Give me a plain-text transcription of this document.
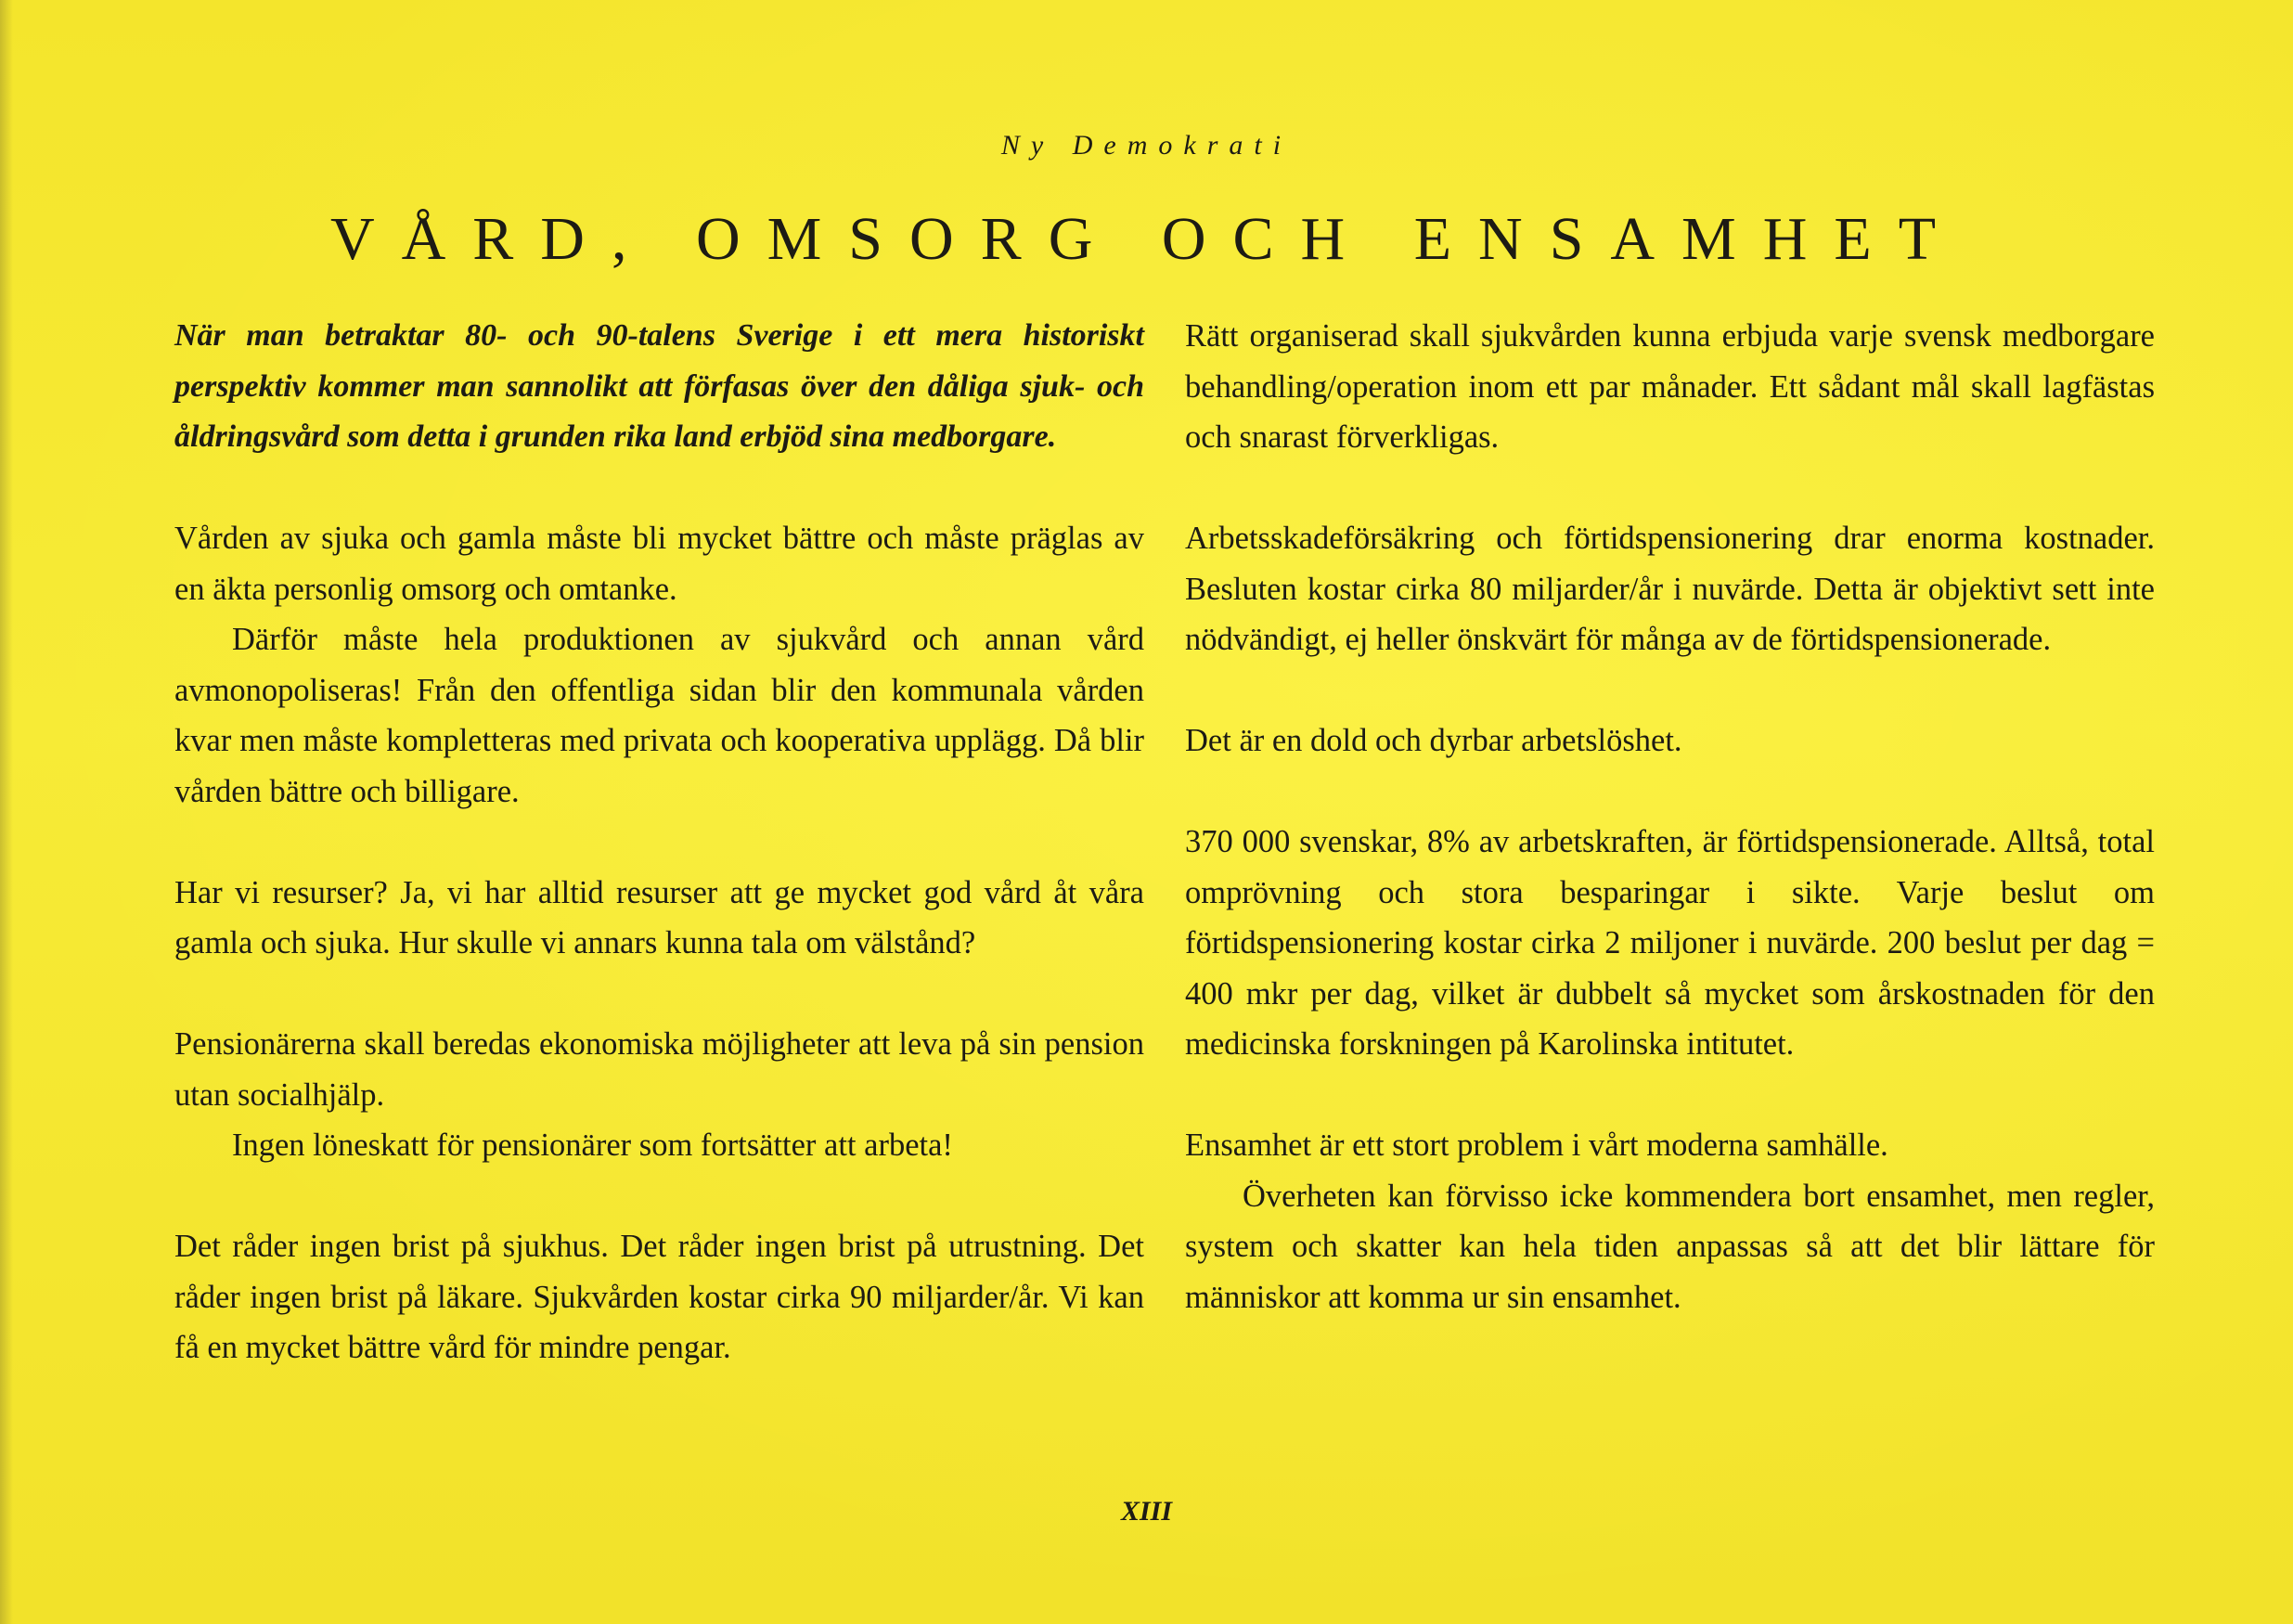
Ny Demokrati
VÅRD, OMSORG OCH ENSAMHET

När man betraktar 80- och 90-talens Sverige i ett mera historiskt perspektiv kommer man sannolikt att förfasas över den dåliga sjuk- och åldringsvård som detta i grunden rika land erbjöd sina medborgare.

Vården av sjuka och gamla måste bli mycket bättre och måste präglas av en äkta personlig omsorg och omtanke.

Därför måste hela produktionen av sjukvård och annan vård avmonopoliseras! Från den offentliga sidan blir den kommunala vården kvar men måste kompletteras med privata och kooperativa upplägg. Då blir vården bättre och billigare.

Har vi resurser? Ja, vi har alltid resurser att ge mycket god vård åt våra gamla och sjuka. Hur skulle vi annars kunna tala om välstånd?

Pensionärerna skall beredas ekonomiska möjligheter att leva på sin pension utan socialhjälp.

Ingen löneskatt för pensionärer som fortsätter att arbeta!

Det råder ingen brist på sjukhus. Det råder ingen brist på utrustning. Det råder ingen brist på läkare. Sjukvården kostar cirka 90 miljarder/år. Vi kan få en mycket bättre vård för mindre pengar.

Rätt organiserad skall sjukvården kunna erbjuda varje svensk medborgare behandling/operation inom ett par månader. Ett sådant mål skall lagfästas och snarast förverkligas.

Arbetsskadeförsäkring och förtidspensionering drar enorma kostnader. Besluten kostar cirka 80 miljarder/år i nuvärde. Detta är objektivt sett inte nödvändigt, ej heller önskvärt för många av de förtidspensionerade.

Det är en dold och dyrbar arbetslöshet.

370 000 svenskar, 8% av arbetskraften, är förtidspensionerade. Alltså, total omprövning och stora besparingar i sikte. Varje beslut om förtidspensionering kostar cirka 2 miljoner i nuvärde. 200 beslut per dag = 400 mkr per dag, vilket är dubbelt så mycket som årskostnaden för den medicinska forskningen på Karolinska intitutet.

Ensamhet är ett stort problem i vårt moderna samhälle.

Överheten kan förvisso icke kommendera bort ensamhet, men regler, system och skatter kan hela tiden anpassas så att det blir lättare för människor att komma ur sin ensamhet.

XIII
